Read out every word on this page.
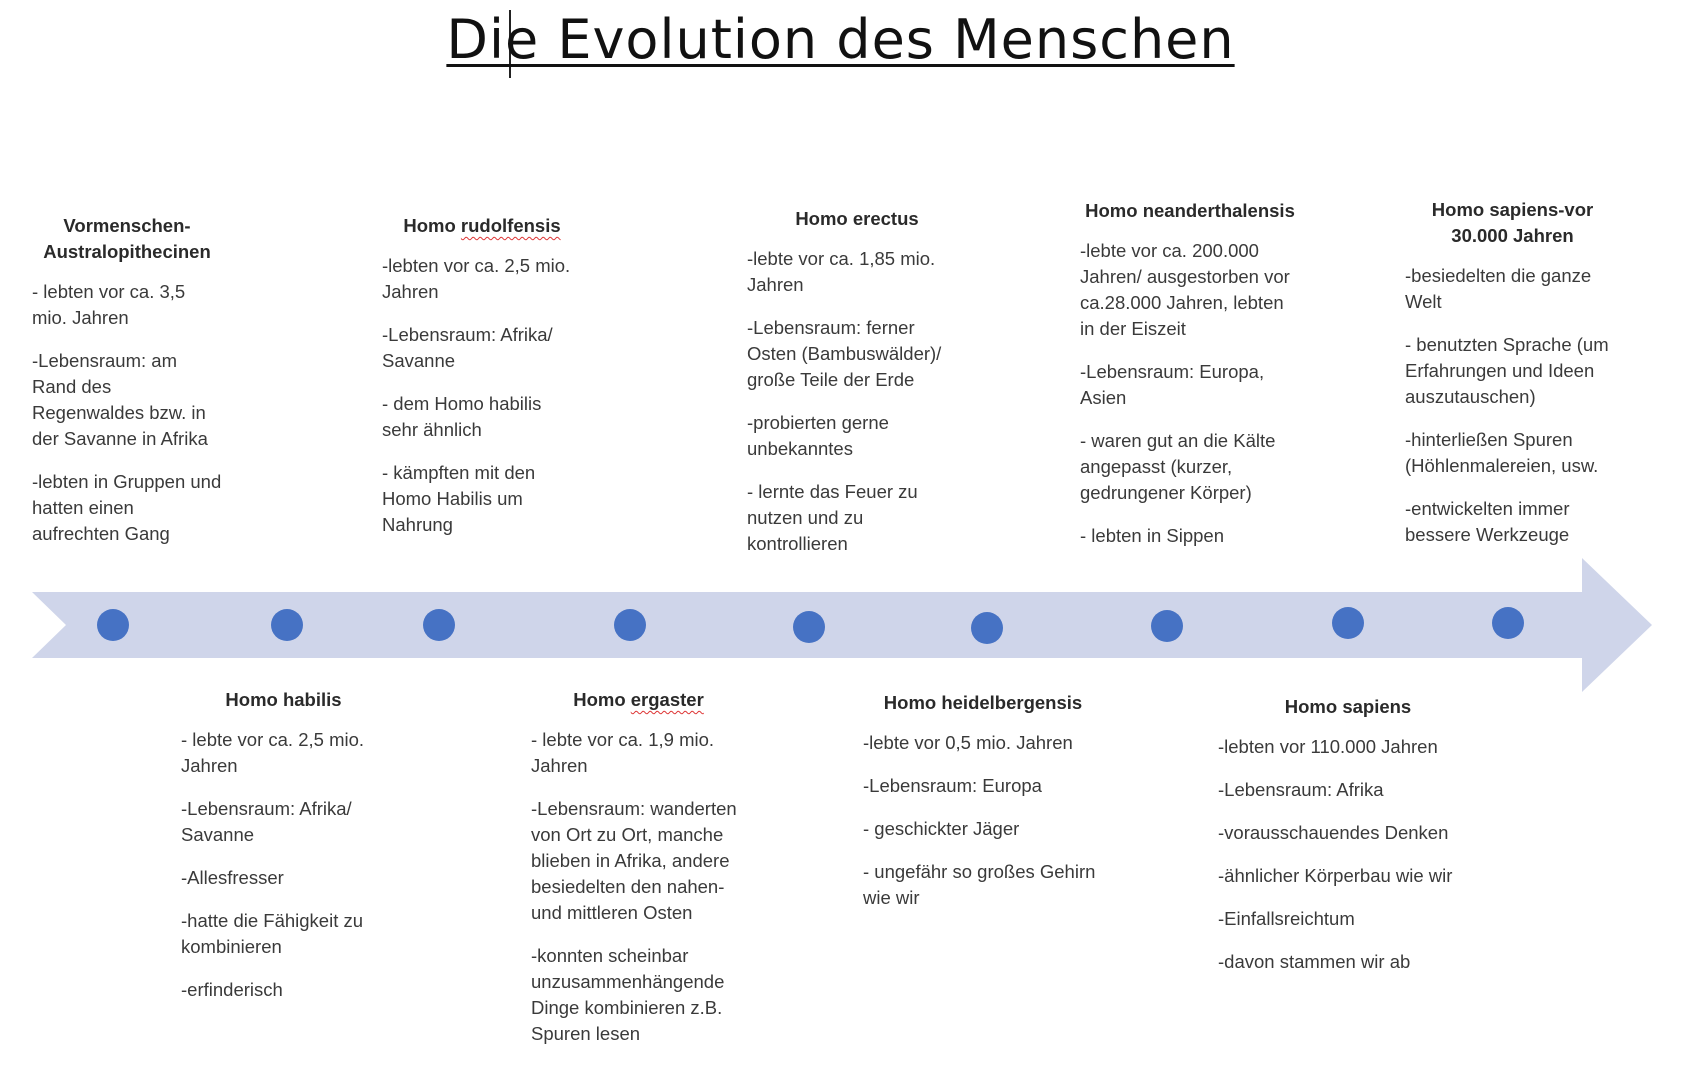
Die Evolution des Menschen
Vormenschen- Australopithecinen

- lebten vor ca. 3,5 mio. Jahren

-Lebensraum: am Rand des Regenwaldes bzw. in der Savanne in Afrika

-lebten in Gruppen und hatten einen aufrechten Gang

Homo rudolfensis

-lebten vor ca. 2,5 mio. Jahren

-Lebensraum: Afrika/ Savanne

- dem Homo habilis sehr ähnlich

- kämpften mit den Homo Habilis um Nahrung

Homo erectus

-lebte vor ca. 1,85 mio. Jahren

-Lebensraum: ferner Osten (Bambuswälder)/ große Teile der Erde

-probierten gerne unbekanntes

- lernte das Feuer zu nutzen und zu kontrollieren

Homo neanderthalensis

-lebte vor ca. 200.000 Jahren/ ausgestorben vor ca.28.000 Jahren, lebten in der Eiszeit

-Lebensraum: Europa, Asien

- waren gut an die Kälte angepasst (kurzer, gedrungener Körper)

- lebten in Sippen

Homo sapiens-vor 30.000 Jahren

-besiedelten die ganze Welt

- benutzten Sprache (um Erfahrungen und Ideen auszutauschen)

-hinterließen Spuren (Höhlenmalereien, usw.

-entwickelten immer bessere Werkzeuge

Homo habilis

- lebte vor ca. 2,5 mio. Jahren

-Lebensraum: Afrika/ Savanne

-Allesfresser

-hatte die Fähigkeit zu kombinieren

-erfinderisch

Homo ergaster

- lebte vor ca. 1,9 mio. Jahren

-Lebensraum: wanderten von Ort zu Ort, manche blieben in Afrika, andere besiedelten den nahen- und mittleren Osten

-konnten scheinbar unzusammenhängende Dinge kombinieren z.B. Spuren lesen

Homo heidelbergensis

-lebte vor 0,5 mio. Jahren

-Lebensraum: Europa

- geschickter Jäger

- ungefähr so großes Gehirn wie wir

Homo sapiens

-lebten vor 110.000 Jahren

-Lebensraum: Afrika

-vorausschauendes Denken

-ähnlicher Körperbau wie wir

-Einfallsreichtum

-davon stammen wir ab
